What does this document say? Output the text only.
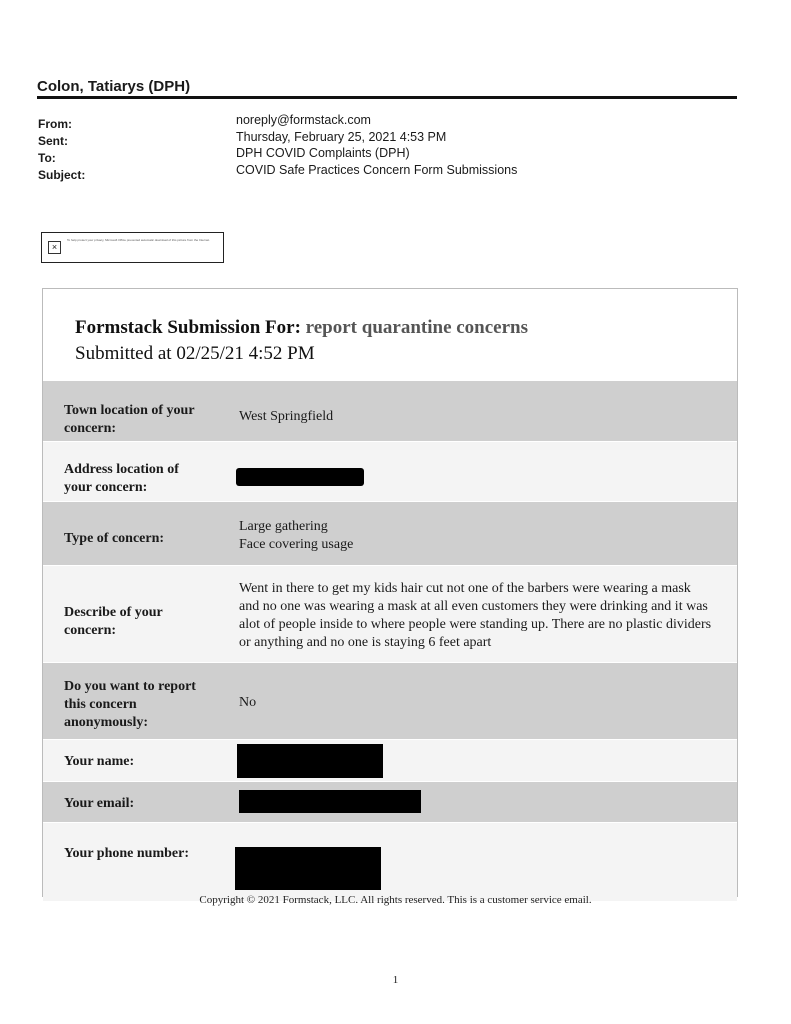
Colon, Tatiarys (DPH)
From:
Sent:
To:
Subject:
noreply@formstack.com
Thursday, February 25, 2021 4:53 PM
DPH COVID Complaints (DPH)
COVID Safe Practices Concern Form Submissions
×
To help protect your privacy, Microsoft Office prevented automatic download of this picture from the Internet.
Formstack Submission For: report quarantine concerns
Submitted at 02/25/21 4:52 PM
Town location of your concern:
West Springfield
Address location of your concern:
Type of concern:
Large gathering
Face covering usage
Describe of your concern:
Went in there to get my kids hair cut not one of the barbers were wearing a mask and no one was wearing a mask at all even customers they were drinking and it was alot of people inside to where people were standing up. There are no plastic dividers or anything and no one is staying 6 feet apart
Do you want to report this concern anonymously:
No
Your name:
Your email:
Your phone number:
Copyright © 2021 Formstack, LLC. All rights reserved. This is a customer service email.
1
